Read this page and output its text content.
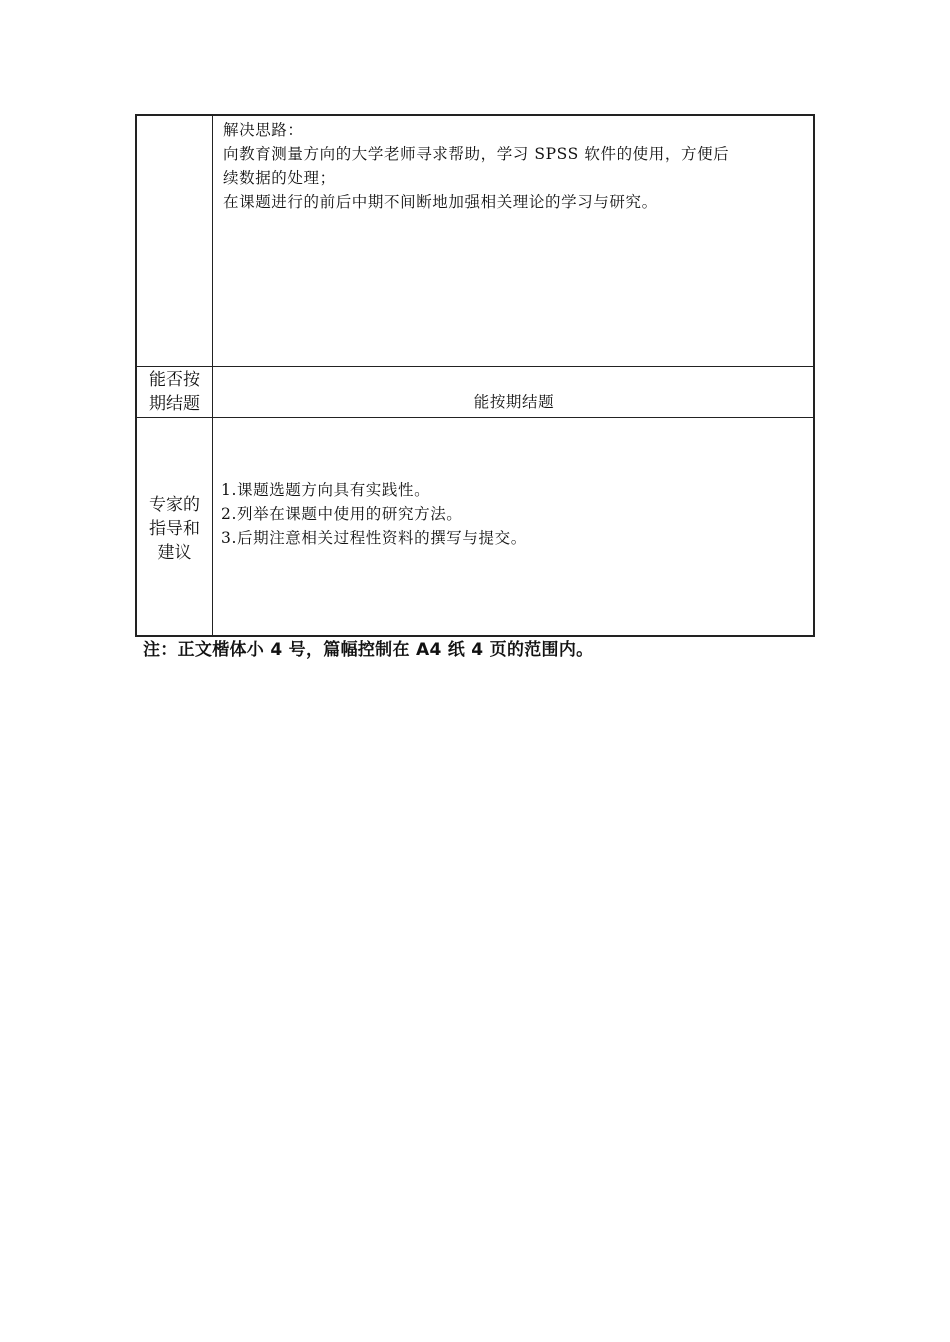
解决思路：
向教育测量方向的大学老师寻求帮助，学习 SPSS 软件的使用，方便后
续数据的处理；
在课题进行的前后中期不间断地加强相关理论的学习与研究。
能否按
期结题	能按期结题
专家的
指导和
建议
1.课题选题方向具有实践性。
2.列举在课题中使用的研究方法。
3.后期注意相关过程性资料的撰写与提交。
注：正文楷体小 4 号，篇幅控制在 A4 纸 4 页的范围内。
